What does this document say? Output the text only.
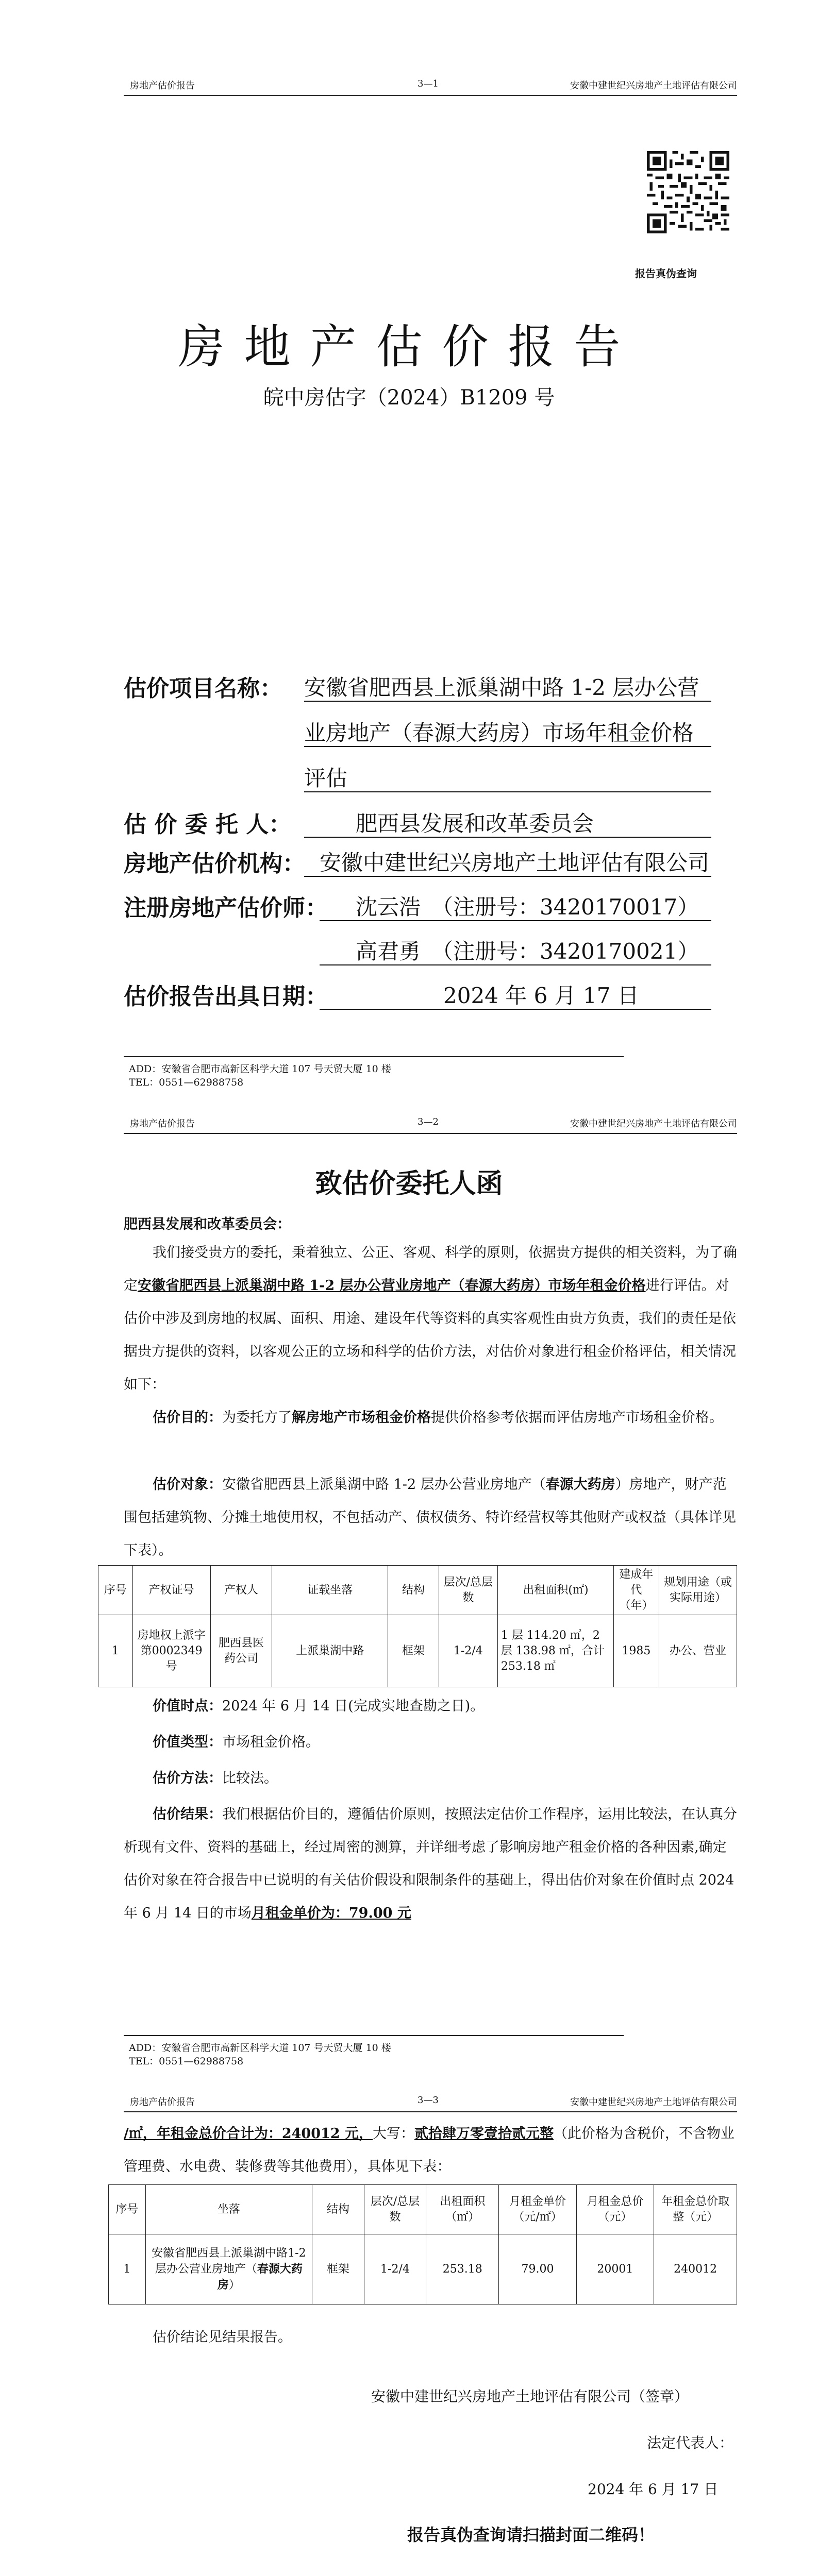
房地产估价报告	3—1	安徽中建世纪兴房地产土地评估有限公司
报告真伪查询
房地产估价报告
皖中房估字（2024）B1209 号
估价项目名称： 安徽省肥西县上派巢湖中路 1-2 层办公营
业房地产（春源大药房）市场年租金价格
评估
估 价 委 托 人：	肥西县发展和改革委员会
房地产估价机构： 安徽中建世纪兴房地产土地评估有限公司
注册房地产估价师： 沈云浩　（注册号：3420170017）
高君勇　（注册号：3420170021）
估价报告出具日期：	2024 年 6 月 17 日
ADD：安徽省合肥市高新区科学大道 107 号天贸大厦 10 楼
TEL：0551—62988758
房地产估价报告	3—2	安徽中建世纪兴房地产土地评估有限公司
致估价委托人函
肥西县发展和改革委员会：
我们接受贵方的委托，秉着独立、公正、客观、科学的原则，依据贵方提供的相关资料，为了确定安徽省肥西县上派巢湖中路 1-2 层办公营业房地产（春源大药房）市场年租金价格进行评估。对估价中涉及到房地的权属、面积、用途、建设年代等资料的真实客观性由贵方负责，我们的责任是依据贵方提供的资料，以客观公正的立场和科学的估价方法，对估价对象进行租金价格评估，相关情况如下：
估价目的：为委托方了解房地产市场租金价格提供价格参考依据而评估房地产市场租金价格。
估价对象：安徽省肥西县上派巢湖中路 1-2 层办公营业房地产（春源大药房）房地产，财产范围包括建筑物、分摊土地使用权，不包括动产、债权债务、特许经营权等其他财产或权益（具体详见下表）。
序号	产权证号	产权人	证载坐落	结构	层次/总层数	出租面积(㎡)	建成年代（年）	规划用途（或实际用途）
1	房地权上派字第0002349 号	肥西县医药公司	上派巢湖中路	框架	1-2/4	1 层 114.20 ㎡，2 层 138.98 ㎡，合计 253.18 ㎡	1985	办公、营业
价值时点：2024 年 6 月 14 日(完成实地查勘之日)。
价值类型：市场租金价格。
估价方法：比较法。
估价结果：我们根据估价目的，遵循估价原则，按照法定估价工作程序，运用比较法，在认真分析现有文件、资料的基础上，经过周密的测算，并详细考虑了影响房地产租金价格的各种因素,确定估价对象在符合报告中已说明的有关估价假设和限制条件的基础上，得出估价对象在价值时点 2024 年 6 月 14 日的市场月租金单价为：79.00 元
ADD：安徽省合肥市高新区科学大道 107 号天贸大厦 10 楼
TEL：0551—62988758
房地产估价报告	3—3	安徽中建世纪兴房地产土地评估有限公司
/㎡，年租金总价合计为：240012 元，大写：贰拾肆万零壹拾贰元整（此价格为含税价，不含物业管理费、水电费、装修费等其他费用），具体见下表：
序号	坐落	结构	层次/总层数	出租面积（㎡）	月租金单价（元/㎡）	月租金总价（元）	年租金总价取整（元）
1	安徽省肥西县上派巢湖中路1-2 层办公营业房地产（春源大药房）	框架	1-2/4	253.18	79.00	20001	240012
估价结论见结果报告。
安徽中建世纪兴房地产土地评估有限公司（签章）
法定代表人：
2024 年 6 月 17 日
报告真伪查询请扫描封面二维码！
